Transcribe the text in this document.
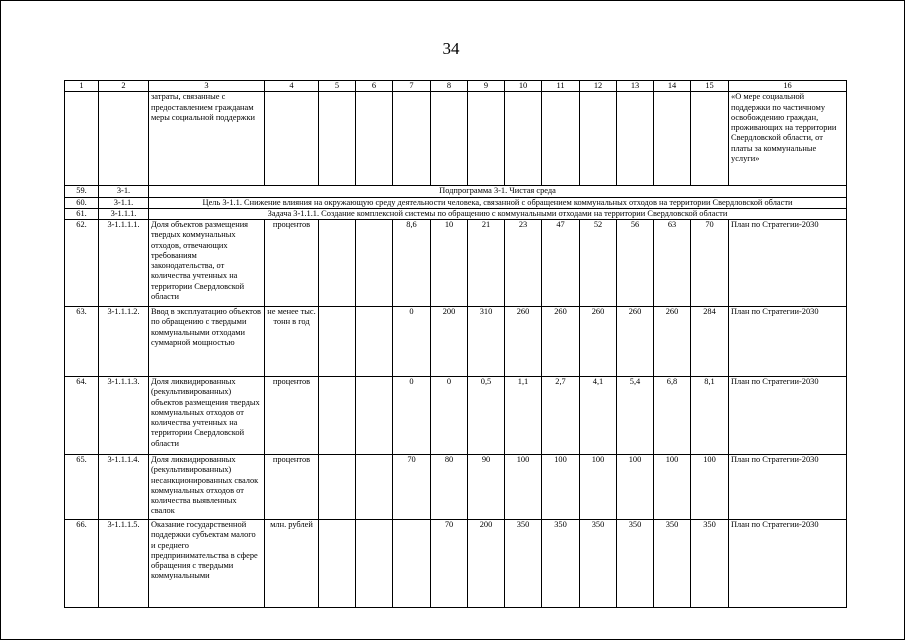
34
1	2	3	4	5	6	7	8	9	10	11	12	13	14	15	16
		затраты, связанные с предоставлением гражданам меры социальной поддержки													«О мере социальной поддержки по частичному освобождению граждан, проживающих на территории Свердловской области, от платы за коммунальные услуги»
59.	3-1.	Подпрограмма 3-1. Чистая среда													
60.	3-1.1.	Цель 3-1.1. Снижение влияния на окружающую среду деятельности человека, связанной с обращением коммунальных отходов на территории Свердловской области													
61.	3-1.1.1.	Задача 3-1.1.1. Создание комплексной системы по обращению с коммунальными отходами на территории Свердловской области													
62.	3-1.1.1.1.	Доля объектов размещения твердых коммунальных отходов, отвечающих требованиям законодательства, от количества учтенных на территории Свердловской области	процентов			8,6	10	21	23	47	52	56	63	70	План по Стратегии-2030
63.	3-1.1.1.2.	Ввод в эксплуатацию объектов по обращению с твердыми коммунальными отходами суммарной мощностью	не менее тыс. тонн в год			0	200	310	260	260	260	260	260	284	План по Стратегии-2030
64.	3-1.1.1.3.	Доля ликвидированных (рекультивированных) объектов размещения твердых коммунальных отходов от количества учтенных на территории Свердловской области	процентов			0	0	0,5	1,1	2,7	4,1	5,4	6,8	8,1	План по Стратегии-2030
65.	3-1.1.1.4.	Доля ликвидированных (рекультивированных) несанкционированных свалок коммунальных отходов от количества выявленных свалок	процентов			70	80	90	100	100	100	100	100	100	План по Стратегии-2030
66.	3-1.1.1.5.	Оказание государственной поддержки субъектам малого и среднего предпринимательства в сфере обращения с твердыми коммунальными	млн. рублей				70	200	350	350	350	350	350	350	План по Стратегии-2030
